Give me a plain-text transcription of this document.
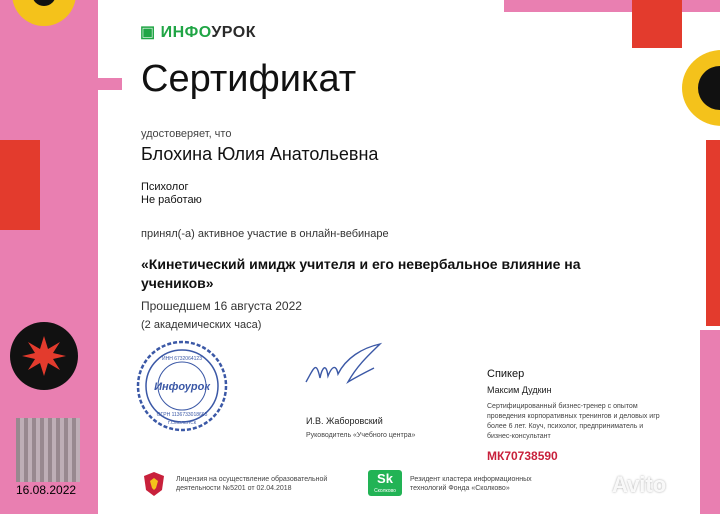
16.08.2022
▣ ИНФОУРОК
Сертификат
удостоверяет, что
Блохина Юлия Анатольевна
Психолог
Не работаю
принял(-а) активное участие в онлайн-вебинаре
«Кинетический имидж учителя и его невербальное влияние на учеников»
Прошедшем 16 августа 2022
(2 академических часа)
Инфоурок
ИНН 6732064123
ОГРН 1136733018665
Г.СМОЛЕНСК	И.В. Жаборовский
Руководитель «Учебного центра»
Спикер
Максим Дудкин
Сертифицированный бизнес-тренер с опытом проведения корпоративных тренингов и деловых игр более 6 лет. Коуч, психолог, предприниматель и бизнес-консультант
МК70738590
Лицензия на осуществление образовательной деятельности №5201 от 02.04.2018
Sk
Сколково
Резидент кластера информационных технологий Фонда «Сколково»	Avito
